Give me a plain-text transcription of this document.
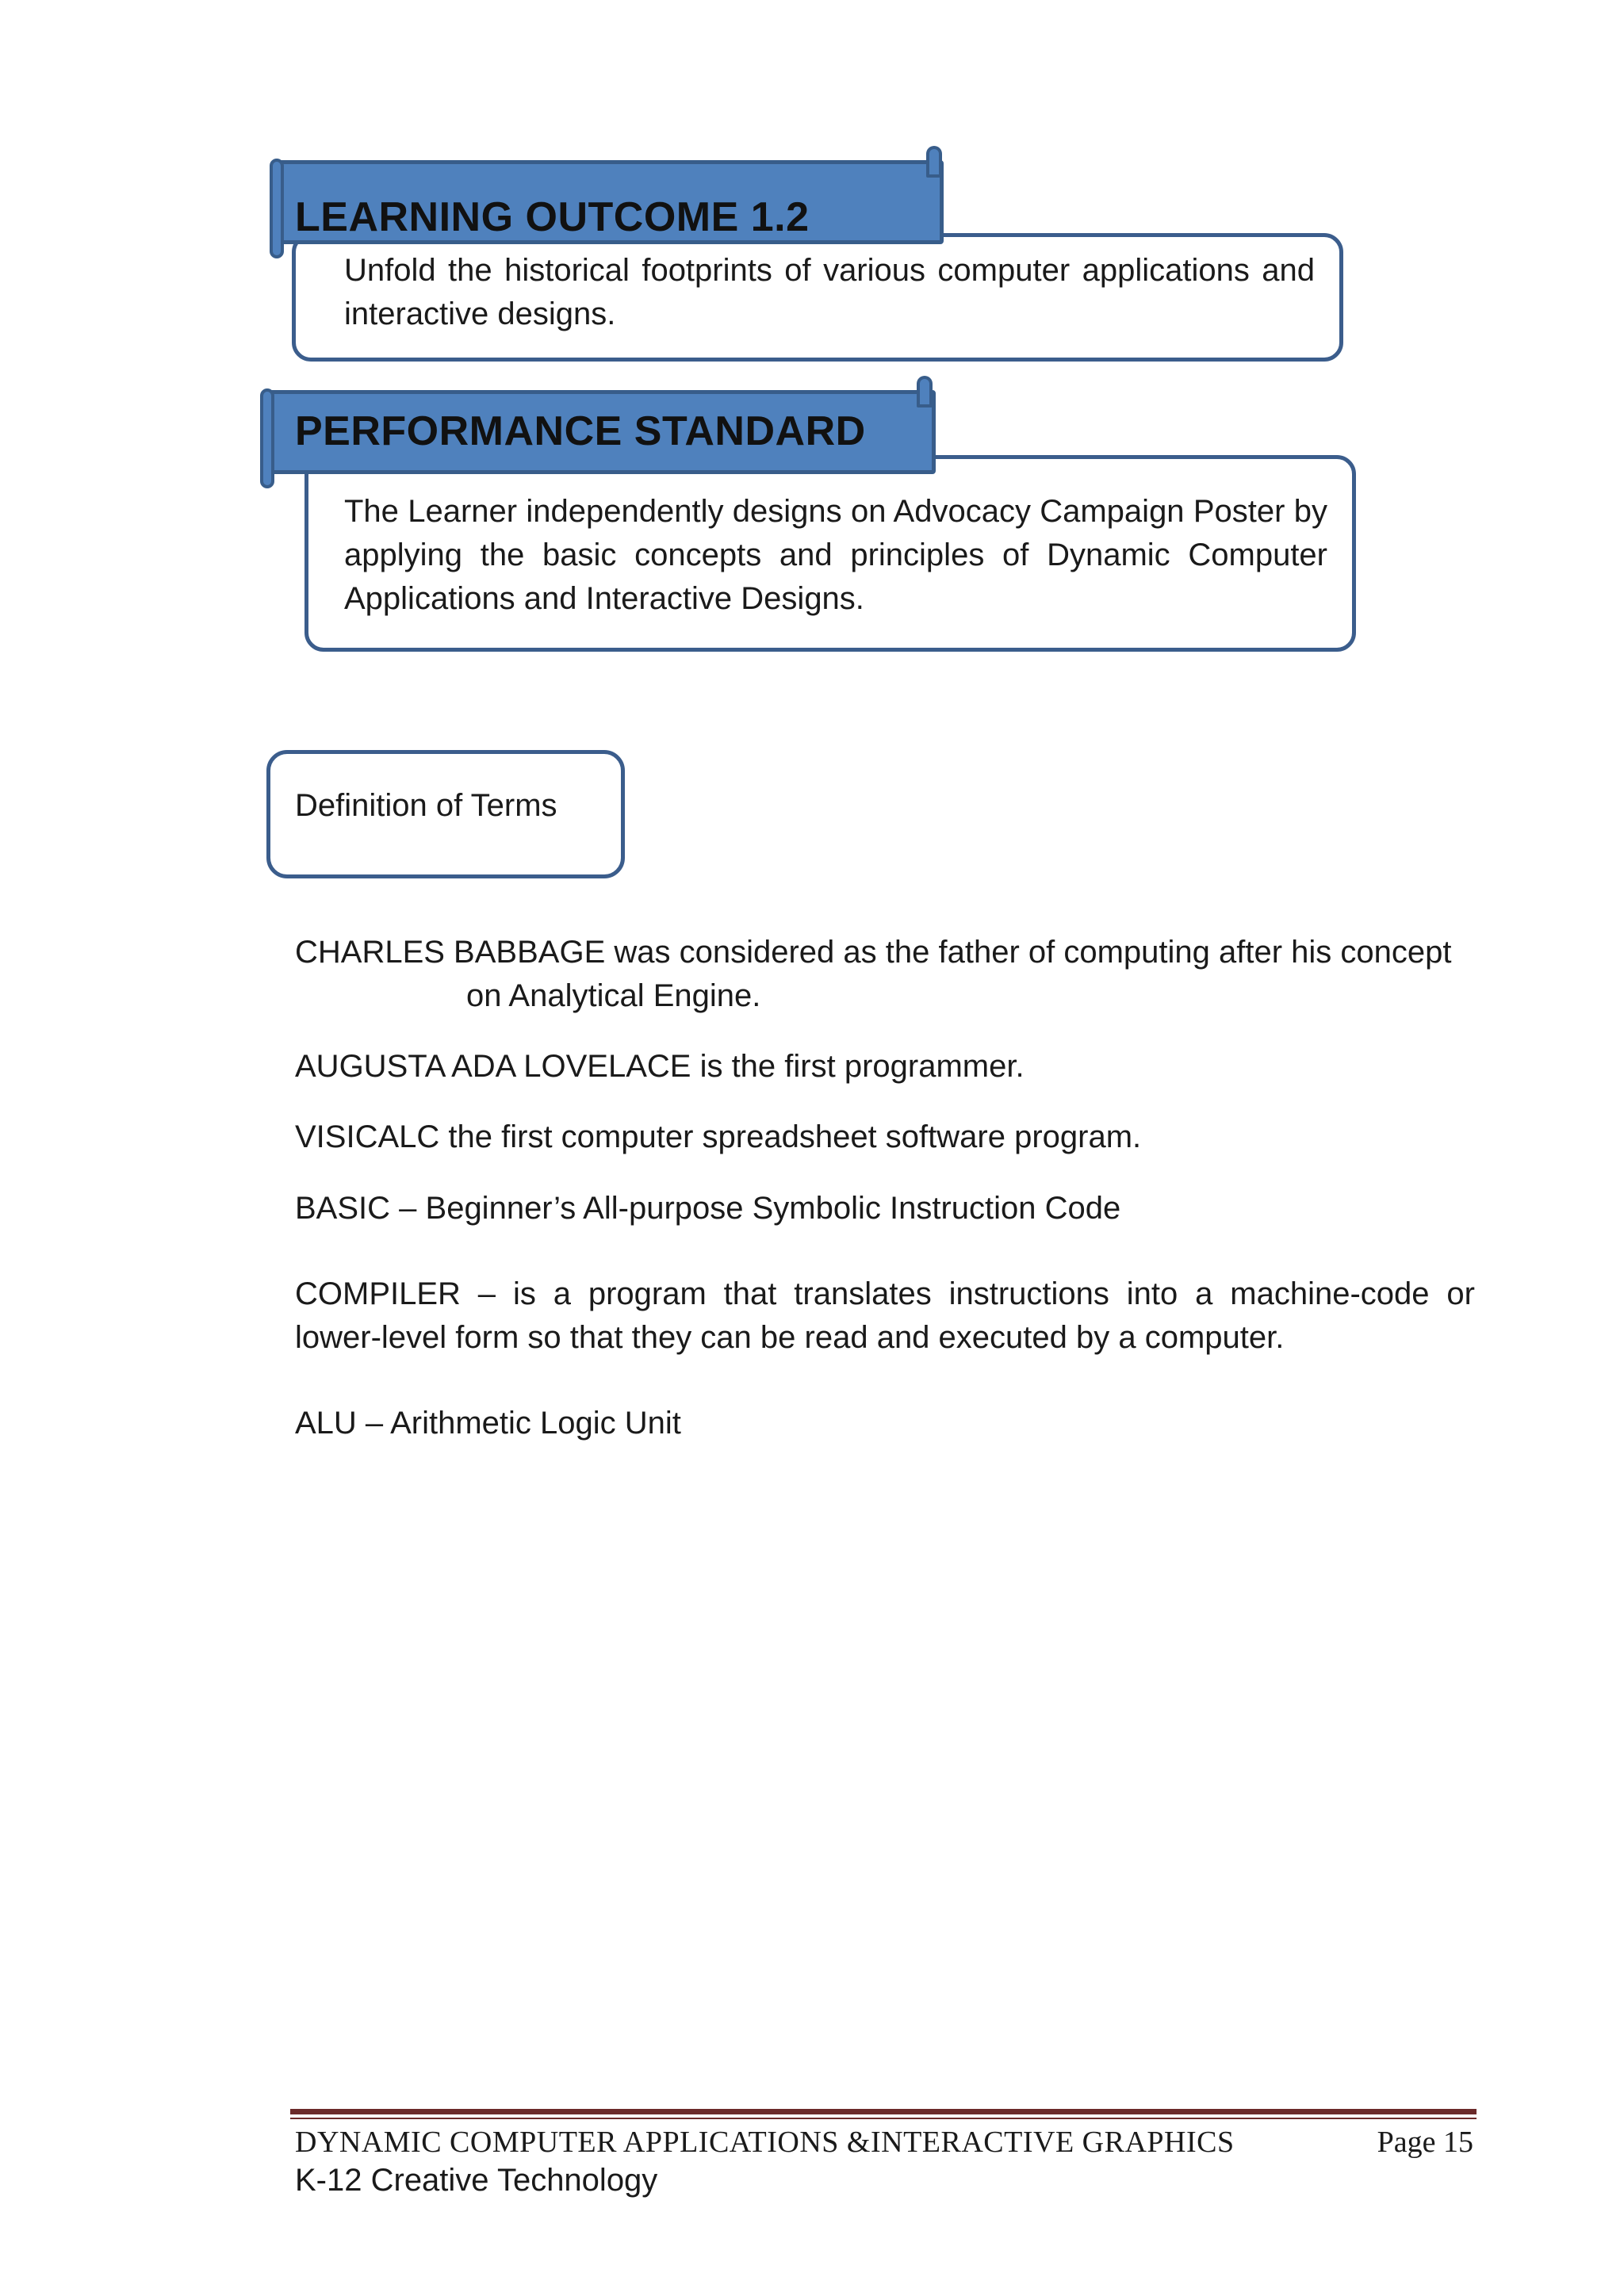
LEARNING OUTCOME 1.2
Unfold the historical footprints of various computer applications and interactive designs.
PERFORMANCE STANDARD
The Learner independently designs on Advocacy Campaign Poster by applying the basic concepts and principles of Dynamic Computer Applications and Interactive Designs.
Definition of Terms
CHARLES BABBAGE was considered as the father of computing after his concept
on Analytical Engine.
AUGUSTA ADA LOVELACE is the first programmer.
VISICALC the first computer spreadsheet software program.
BASIC – Beginner’s All-purpose Symbolic Instruction Code
COMPILER – is a program that translates instructions into a machine-code or lower-level form so that they can be read and executed by a computer.
ALU – Arithmetic Logic Unit
DYNAMIC COMPUTER APPLICATIONS &INTERACTIVE GRAPHICS	Page 15
K-12 Creative Technology
